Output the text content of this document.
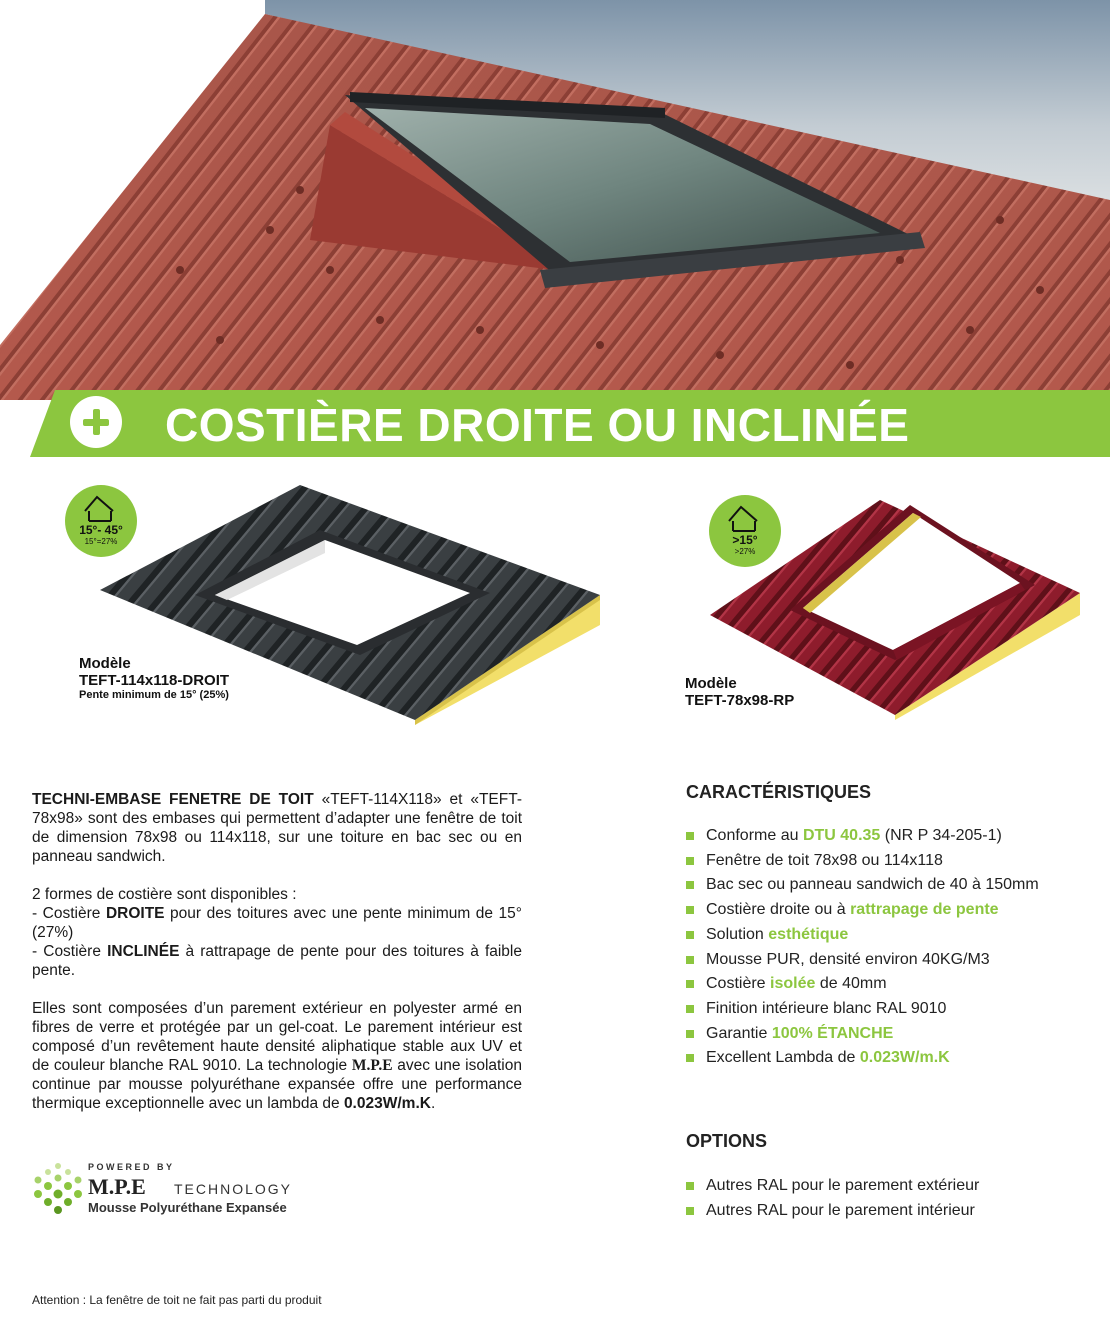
COSTIÈRE DROITE OU INCLINÉE
15°- 45°
15°=27%
Modèle
TEFT-114x118-DROIT
Pente minimum de 15° (25%)
>15°
>27%
Modèle
TEFT-78x98-RP

TECHNI-EMBASE FENETRE DE TOIT «TEFT-114X118» et «TEFT-78x98» sont des embases qui permettent d’adapter une fenêtre de toit de dimension 78x98 ou 114x118, sur une toiture en bac sec ou en panneau sandwich.

2 formes de costière sont disponibles :
- Costière DROITE pour des toitures avec une pente minimum de 15° (27%)
- Costière INCLINÉE à rattrapage de pente pour des toitures à faible pente.

Elles sont composées d’un parement extérieur en polyester armé en fibres de verre et protégée par un gel-coat. Le parement intérieur est composé d’un revêtement haute densité aliphatique stable aux UV et de couleur blanche RAL 9010. La technologie M.P.E avec une isolation continue par mousse polyuréthane expansée offre une performance thermique exceptionnelle avec un lambda de 0.023W/m.K.

POWERED BY
M.P.E TECHNOLOGY
Mousse Polyuréthane Expansée
Attention : La fenêtre de toit ne fait pas parti du produit
CARACTÉRISTIQUES
Conforme au DTU 40.35 (NR P 34-205-1)
Fenêtre de toit 78x98 ou 114x118
Bac sec ou panneau sandwich de 40 à 150mm
Costière droite ou à rattrapage de pente
Solution esthétique
Mousse PUR, densité environ 40KG/M3
Costière isolée de 40mm
Finition intérieure blanc RAL 9010
Garantie 100% ÉTANCHE
Excellent Lambda de 0.023W/m.K
OPTIONS
Autres RAL pour le parement extérieur
Autres RAL pour le parement intérieur
